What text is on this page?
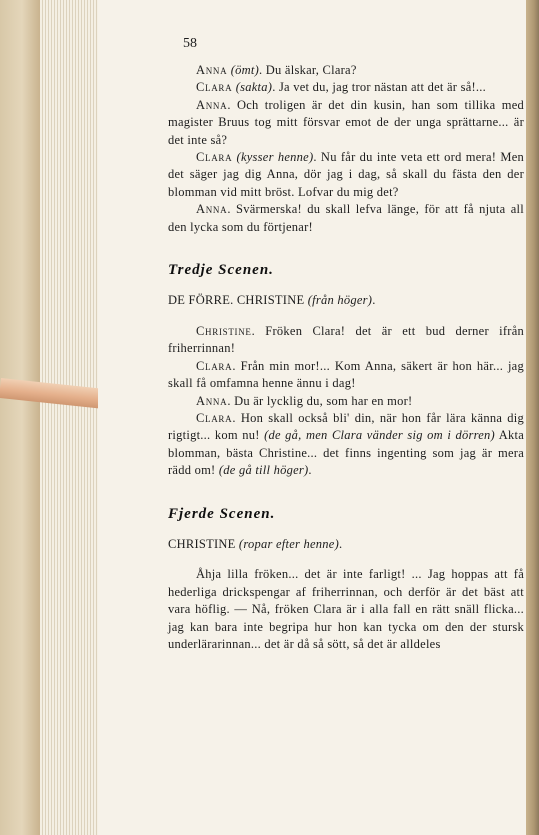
58

Anna (ömt). Du älskar, Clara?

Clara (sakta). Ja vet du, jag tror nästan att det är så!...

Anna. Och troligen är det din kusin, han som tillika med magister Bruus tog mitt försvar emot de der unga sprättarne... är det inte så?

Clara (kysser henne). Nu får du inte veta ett ord mera! Men det säger jag dig Anna, dör jag i dag, så skall du fästa den der blomman vid mitt bröst. Lofvar du mig det?

Anna. Svärmerska! du skall lefva länge, för att få njuta all den lycka som du förtjenar!

Tredje Scenen.

DE FÖRRE. CHRISTINE (från höger).

Christine. Fröken Clara! det är ett bud derner ifrån friherrinnan!

Clara. Från min mor!... Kom Anna, säkert är hon här... jag skall få omfamna henne ännu i dag!

Anna. Du är lycklig du, som har en mor!

Clara. Hon skall också bli' din, när hon får lära känna dig rigtigt... kom nu! (de gå, men Clara vänder sig om i dörren) Akta blomman, bästa Christine... det finns ingenting som jag är mera rädd om! (de gå till höger).

Fjerde Scenen.

CHRISTINE (ropar efter henne).

Åhja lilla fröken... det är inte farligt! ... Jag hoppas att få hederliga drickspengar af friherrinnan, och derför är det bäst att vara höflig. — Nå, fröken Clara är i alla fall en rätt snäll flicka... jag kan bara inte begripa hur hon kan tycka om den der stursk underlärarinnan... det är då så sött, så det är alldeles
